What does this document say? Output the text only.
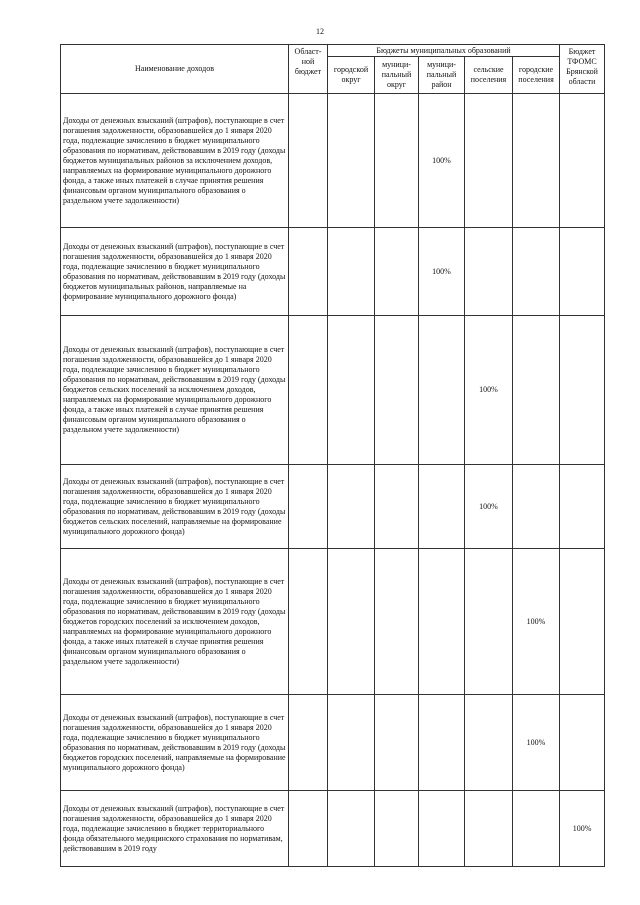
12
Наименование доходов	Област-ной бюджет	Бюджеты муниципальных образований					Бюджет ТФОМС Брянской области
		городской округ	муници-пальный округ	муници-пальный район	сельские поселения	городские поселения	
Доходы от денежных взысканий (штрафов), поступающие в счет погашения задолженности, образовавшейся до 1 января 2020 года, подлежащие зачислению в бюджет муниципального образования по нормативам, действовавшим в 2019 году (доходы бюджетов муниципальных районов за исключением доходов, направляемых на формирование муниципального дорожного фонда, а также иных платежей в случае принятия решения финансовым органом муниципального образования о раздельном учете задолженности)				100%			
Доходы от денежных взысканий (штрафов), поступающие в счет погашения задолженности, образовавшейся до 1 января 2020 года, подлежащие зачислению в бюджет муниципального образования по нормативам, действовавшим в 2019 году (доходы бюджетов муниципальных районов, направляемые на формирование муниципального дорожного фонда)				100%			
Доходы от денежных взысканий (штрафов), поступающие в счет погашения задолженности, образовавшейся до 1 января 2020 года, подлежащие зачислению в бюджет муниципального образования по нормативам, действовавшим в 2019 году (доходы бюджетов сельских поселений за исключением доходов, направляемых на формирование муниципального дорожного фонда, а также иных платежей в случае принятия решения финансовым органом муниципального образования о раздельном учете задолженности)					100%		
Доходы от денежных взысканий (штрафов), поступающие в счет погашения задолженности, образовавшейся до 1 января 2020 года, подлежащие зачислению в бюджет муниципального образования по нормативам, действовавшим в 2019 году (доходы бюджетов сельских поселений, направляемые на формирование муниципального дорожного фонда)					100%		
Доходы от денежных взысканий (штрафов), поступающие в счет погашения задолженности, образовавшейся до 1 января 2020 года, подлежащие зачислению в бюджет муниципального образования по нормативам, действовавшим в 2019 году (доходы бюджетов городских поселений за исключением доходов, направляемых на формирование муниципального дорожного фонда, а также иных платежей в случае принятия решения финансовым органом муниципального образования о раздельном учете задолженности)						100%	
Доходы от денежных взысканий (штрафов), поступающие в счет погашения задолженности, образовавшейся до 1 января 2020 года, подлежащие зачислению в бюджет муниципального образования по нормативам, действовавшим в 2019 году (доходы бюджетов городских поселений, направляемые на формирование муниципального дорожного фонда)						100%	
Доходы от денежных взысканий (штрафов), поступающие в счет погашения задолженности, образовавшейся до 1 января 2020 года, подлежащие зачислению в бюджет территориального фонда обязательного медицинского страхования по нормативам, действовавшим в 2019 году							100%
